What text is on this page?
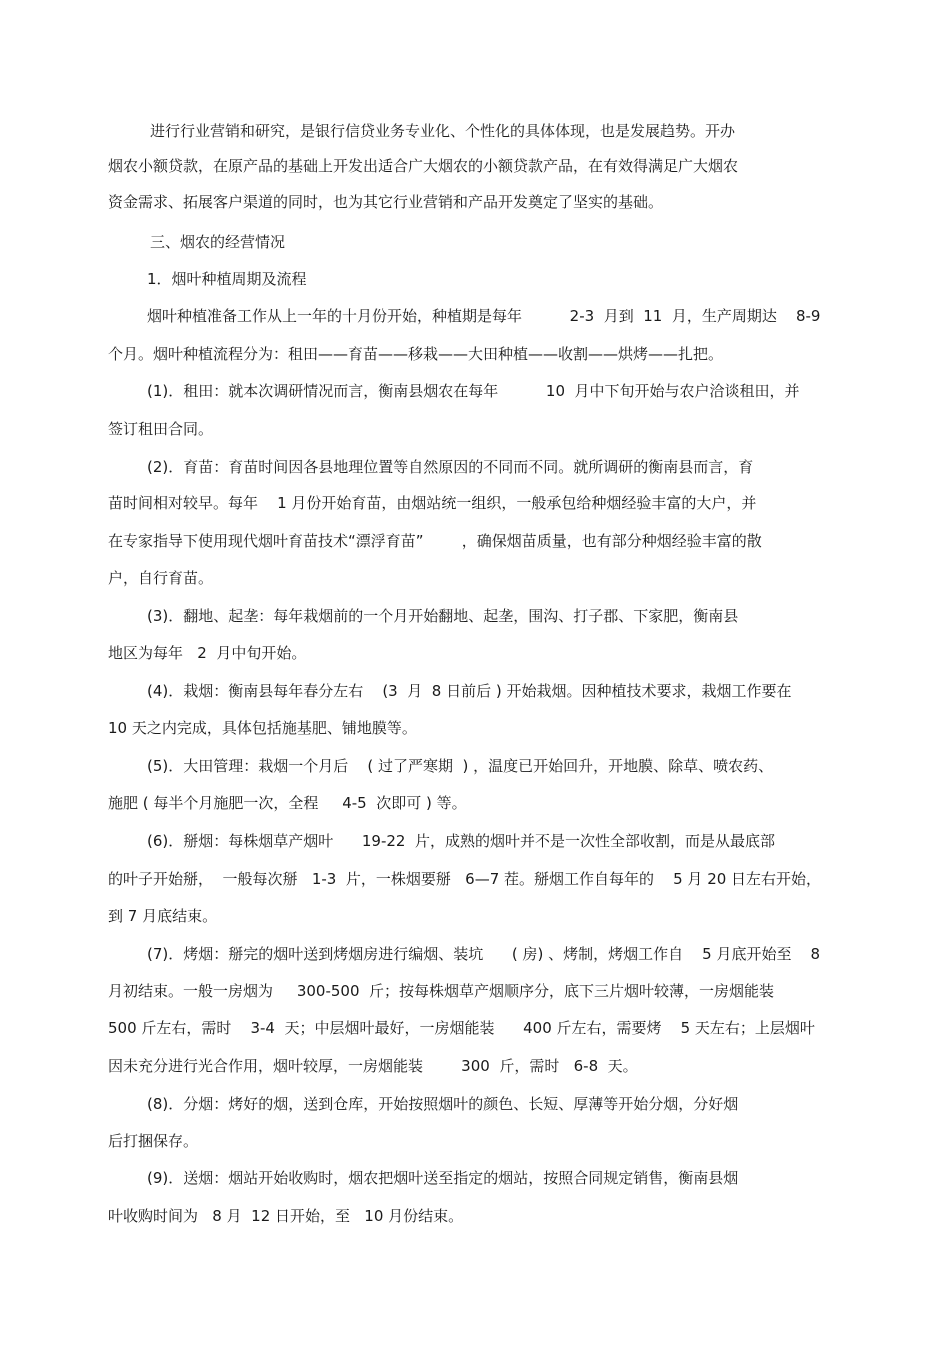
进行行业营销和研究，是银行信贷业务专业化、个性化的具体体现，也是发展趋势。开办
烟农小额贷款，在原产品的基础上开发出适合广大烟农的小额贷款产品，在有效得满足广大烟农
资金需求、拓展客户渠道的同时，也为其它行业营销和产品开发奠定了坚实的基础。
三、烟农的经营情况
1．烟叶种植周期及流程
烟叶种植准备工作从上一年的十月份开始，种植期是每年          2-3  月到  11  月，生产周期达    8-9
个月。烟叶种植流程分为：租田——育苗——移栽——大田种植——收割——烘烤——扎把。
(1)．租田：就本次调研情况而言，衡南县烟农在每年          10  月中下旬开始与农户洽谈租田，并
签订租田合同。
(2)．育苗：育苗时间因各县地理位置等自然原因的不同而不同。就所调研的衡南县而言，育
苗时间相对较早。每年    1 月份开始育苗，由烟站统一组织，一般承包给种烟经验丰富的大户，并
在专家指导下使用现代烟叶育苗技术“漂浮育苗”        ，确保烟苗质量，也有部分种烟经验丰富的散
户，自行育苗。
(3)．翻地、起垄：每年栽烟前的一个月开始翻地、起垄，围沟、打子郡、下家肥，衡南县
地区为每年   2  月中旬开始。
(4)．栽烟：衡南县每年春分左右    (3  月  8 日前后 ) 开始栽烟。因种植技术要求，栽烟工作要在
10 天之内完成，具体包括施基肥、铺地膜等。
(5)．大田管理：栽烟一个月后    ( 过了严寒期  ) ，温度已开始回升，开地膜、除草、喷农药、
施肥 ( 每半个月施肥一次，全程     4-5  次即可 ) 等。
(6)．掰烟：每株烟草产烟叶      19-22  片，成熟的烟叶并不是一次性全部收割，而是从最底部
的叶子开始掰，  一般每次掰   1-3  片，一株烟要掰   6—7 茬。掰烟工作自每年的    5 月 20 日左右开始，
到 7 月底结束。
(7)．烤烟：掰完的烟叶送到烤烟房进行编烟、装坑      ( 房) 、烤制，烤烟工作自    5 月底开始至    8
月初结束。一般一房烟为     300-500  斤；按每株烟草产烟顺序分，底下三片烟叶较薄，一房烟能装
500 斤左右，需时    3-4  天；中层烟叶最好，一房烟能装      400 斤左右，需要烤    5 天左右；上层烟叶
因未充分进行光合作用，烟叶较厚，一房烟能装        300  斤，需时   6-8  天。
(8)．分烟：烤好的烟，送到仓库，开始按照烟叶的颜色、长短、厚薄等开始分烟，分好烟
后打捆保存。
(9)．送烟：烟站开始收购时，烟农把烟叶送至指定的烟站，按照合同规定销售，衡南县烟
叶收购时间为   8 月  12 日开始，至   10 月份结束。
